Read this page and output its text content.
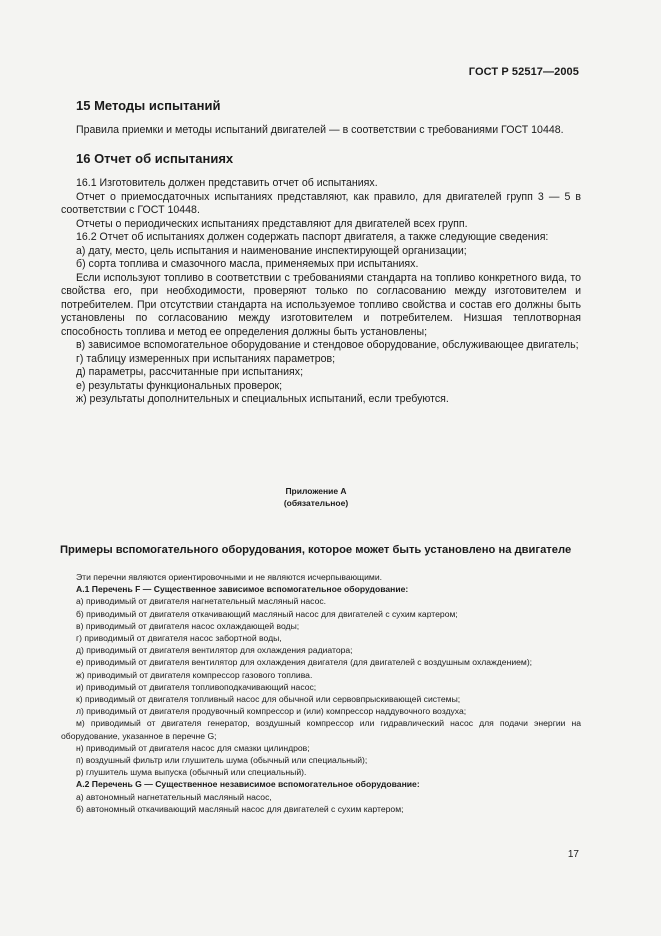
ГОСТ Р 52517—2005
15 Методы испытаний

Правила приемки и методы испытаний двигателей — в соответствии с требованиями ГОСТ 10448.

16 Отчет об испытаниях

16.1 Изготовитель должен представить отчет об испытаниях.

Отчет о приемосдаточных испытаниях представляют, как правило, для двигателей групп 3 — 5 в соответствии с ГОСТ 10448.

Отчеты о периодических испытаниях представляют для двигателей всех групп.

16.2 Отчет об испытаниях должен содержать паспорт двигателя, а также следующие сведения:

а) дату, место, цель испытания и наименование инспектирующей организации;

б) сорта топлива и смазочного масла, применяемых при испытаниях.

Если используют топливо в соответствии с требованиями стандарта на топливо конкретного вида, то свойства его, при необходимости, проверяют только по согласованию между изготовителем и потребителем. При отсутствии стандарта на используемое топливо свойства и состав его должны быть установлены по согласованию между изготовителем и потребителем. Низшая теплотворная способность топлива и метод ее определения должны быть установлены;

в) зависимое вспомогательное оборудование и стендовое оборудование, обслуживающее двигатель;

г) таблицу измеренных при испытаниях параметров;

д) параметры, рассчитанные при испытаниях;

е) результаты функциональных проверок;

ж) результаты дополнительных и специальных испытаний, если требуются.

Приложение А
(обязательное)
Примеры вспомогательного оборудования, которое может быть установлено на двигателе

Эти перечни являются ориентировочными и не являются исчерпывающими.

А.1 Перечень F — Существенное зависимое вспомогательное оборудование:

а) приводимый от двигателя нагнетательный масляный насос.

б) приводимый от двигателя откачивающий масляный насос для двигателей с сухим картером;

в) приводимый от двигателя насос охлаждающей воды;

г) приводимый от двигателя насос забортной воды,

д) приводимый от двигателя вентилятор для охлаждения радиатора;

е) приводимый от двигателя вентилятор для охлаждения двигателя (для двигателей с воздушным охлаждением);

ж) приводимый от двигателя компрессор газового топлива.

и) приводимый от двигателя топливоподкачивающий насос;

к) приводимый от двигателя топливный насос для обычной или сервовпрыскивающей системы;

л) приводимый от двигателя продувочный компрессор и (или) компрессор наддувочного воздуха;

м) приводимый от двигателя генератор, воздушный компрессор или гидравлический насос для подачи энергии на оборудование, указанное в перечне G;

н) приводимый от двигателя насос для смазки цилиндров;

п) воздушный фильтр или глушитель шума (обычный или специальный);

р) глушитель шума выпуска (обычный или специальный).

А.2 Перечень G — Существенное независимое вспомогательное оборудование:

а) автономный нагнетательный масляный насос,

б) автономный откачивающий масляный насос для двигателей с сухим картером;

17
